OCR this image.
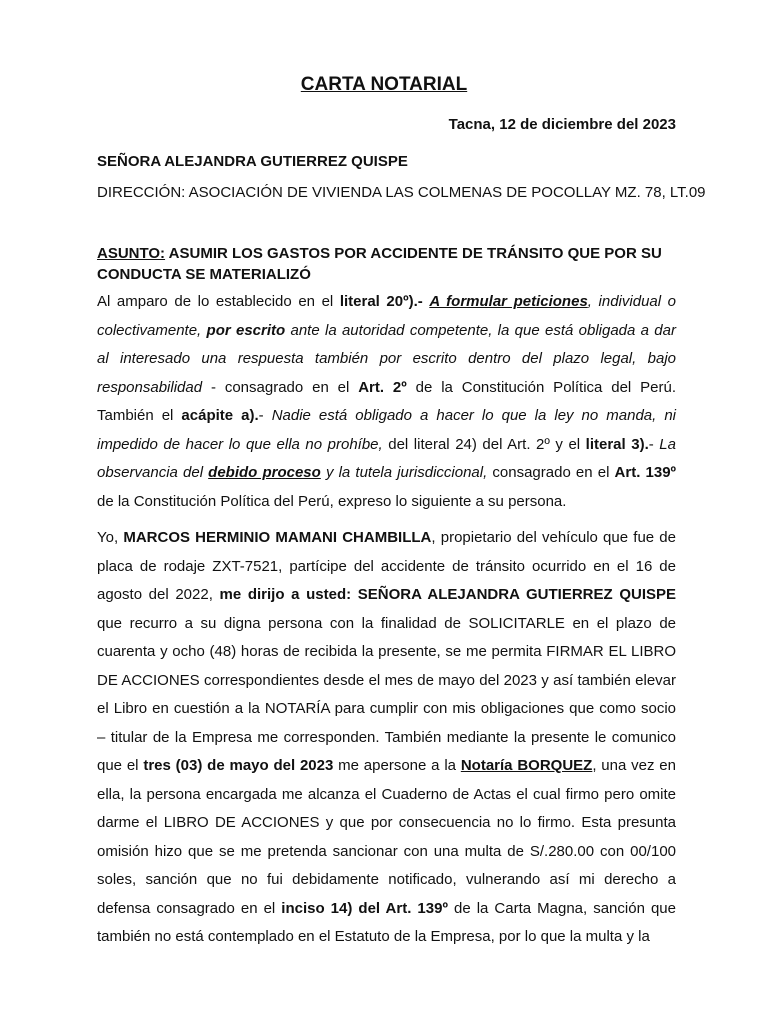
CARTA NOTARIAL
Tacna, 12 de diciembre del 2023
SEÑORA ALEJANDRA GUTIERREZ QUISPE
DIRECCIÓN: ASOCIACIÓN DE VIVIENDA LAS COLMENAS DE POCOLLAY MZ. 78, LT.09
ASUNTO: ASUMIR LOS GASTOS POR ACCIDENTE DE TRÁNSITO QUE POR SU CONDUCTA SE MATERIALIZÓ
Al amparo de lo establecido en el literal 20º).- A formular peticiones, individual o colectivamente, por escrito ante la autoridad competente, la que está obligada a dar al interesado una respuesta también por escrito dentro del plazo legal, bajo responsabilidad - consagrado en el Art. 2º de la Constitución Política del Perú. También el acápite a).- Nadie está obligado a hacer lo que la ley no manda, ni impedido de hacer lo que ella no prohíbe, del literal 24) del Art. 2º y el literal 3).- La observancia del debido proceso y la tutela jurisdiccional, consagrado en el Art. 139º de la Constitución Política del Perú, expreso lo siguiente a su persona.
Yo, MARCOS HERMINIO MAMANI CHAMBILLA, propietario del vehículo que fue de placa de rodaje ZXT-7521, partícipe del accidente de tránsito ocurrido en el 16 de agosto del 2022, me dirijo a usted: SEÑORA ALEJANDRA GUTIERREZ QUISPE que recurro a su digna persona con la finalidad de SOLICITARLE en el plazo de cuarenta y ocho (48) horas de recibida la presente, se me permita FIRMAR EL LIBRO DE ACCIONES correspondientes desde el mes de mayo del 2023 y así también elevar el Libro en cuestión a la NOTARÍA para cumplir con mis obligaciones que como socio – titular de la Empresa me corresponden. También mediante la presente le comunico que el tres (03) de mayo del 2023 me apersone a la Notaría BORQUEZ, una vez en ella, la persona encargada me alcanza el Cuaderno de Actas el cual firmo pero omite darme el LIBRO DE ACCIONES y que por consecuencia no lo firmo. Esta presunta omisión hizo que se me pretenda sancionar con una multa de S/.280.00 con 00/100 soles, sanción que no fui debidamente notificado, vulnerando así mi derecho a defensa consagrado en el inciso 14) del Art. 139º de la Carta Magna, sanción que también no está contemplado en el Estatuto de la Empresa, por lo que la multa y la
